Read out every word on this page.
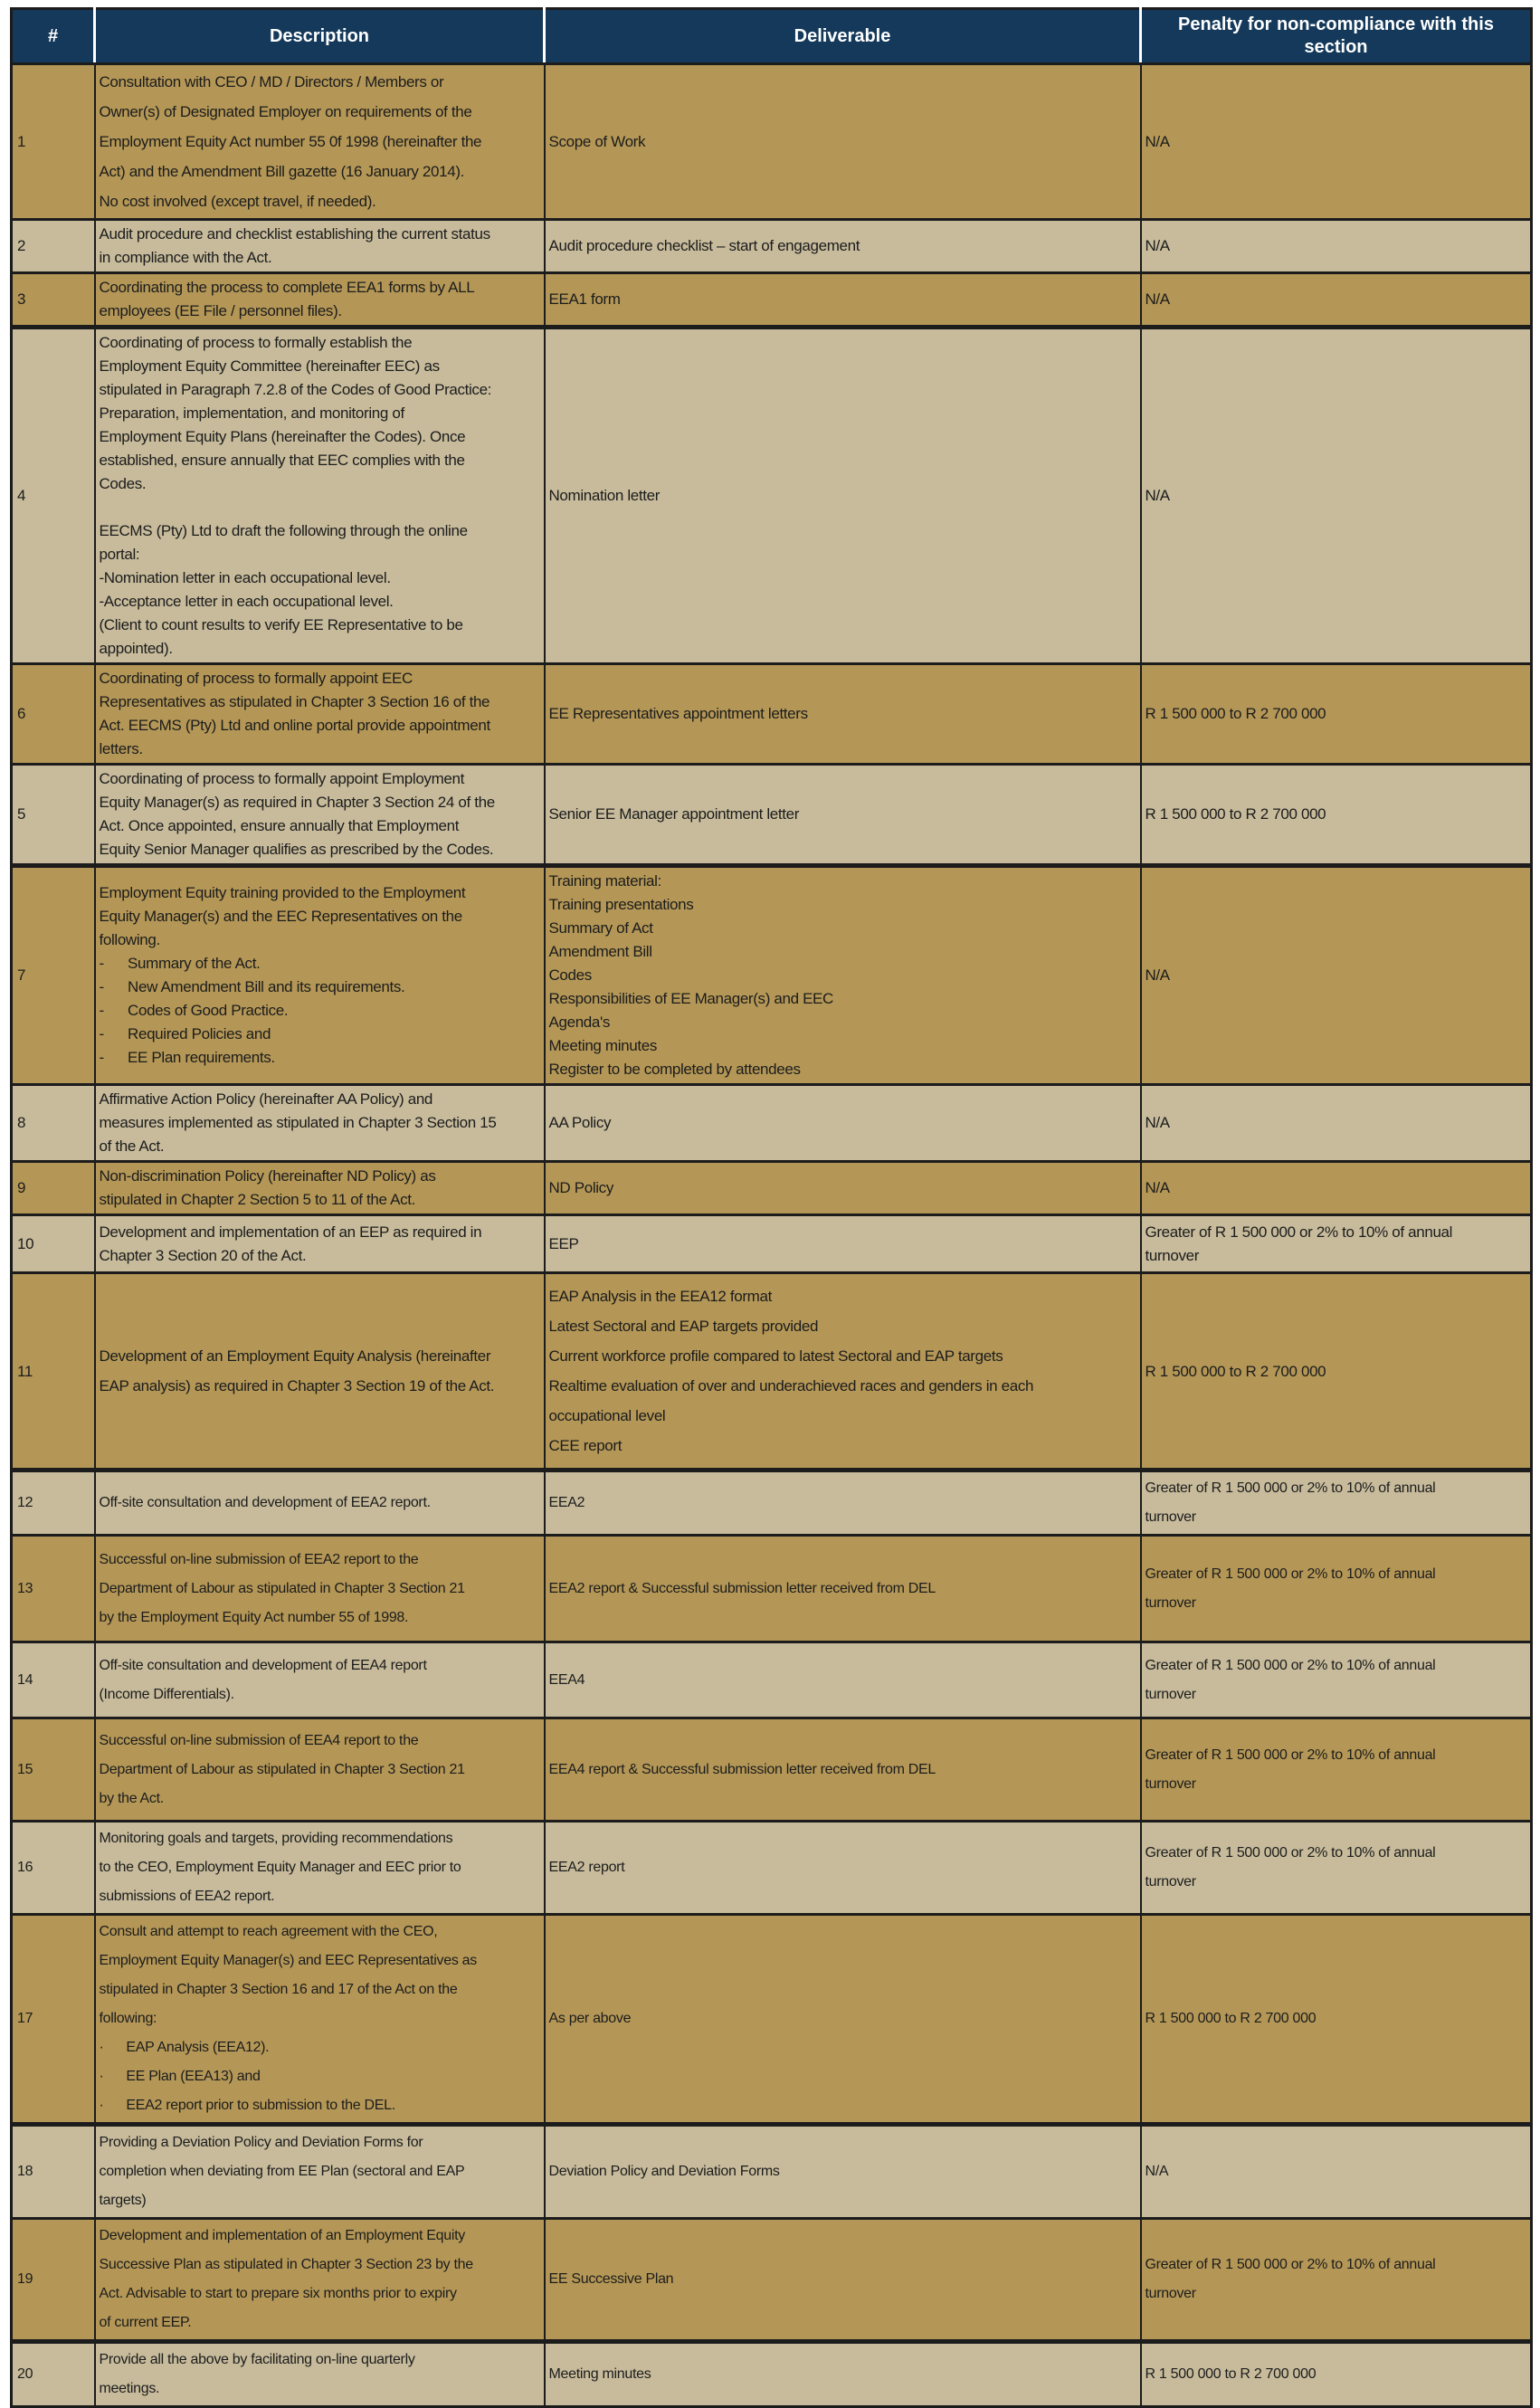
#	Description	Deliverable	Penalty for non-compliance with this section
1	Consultation with CEO / MD / Directors / Members or
Owner(s) of Designated Employer on requirements of the
Employment Equity Act number 55 0f 1998 (hereinafter the
Act) and the Amendment Bill gazette (16 January 2014).
No cost involved (except travel, if needed).	Scope of Work	N/A
2	Audit procedure and checklist establishing the current status
in compliance with the Act.	Audit procedure checklist – start of engagement	N/A
3	Coordinating the process to complete EEA1 forms by ALL
employees (EE File / personnel files).	EEA1 form	N/A
4	Coordinating of process to formally establish the
Employment Equity Committee (hereinafter EEC) as
stipulated in Paragraph 7.2.8 of the Codes of Good Practice:
Preparation, implementation, and monitoring of
Employment Equity Plans (hereinafter the Codes). Once
established, ensure annually that EEC complies with the
Codes.

EECMS (Pty) Ltd to draft the following through the online
portal:
-Nomination letter in each occupational level.
-Acceptance letter in each occupational level.
(Client to count results to verify EE Representative to be
appointed).	Nomination letter	N/A
6	Coordinating of process to formally appoint EEC
Representatives as stipulated in Chapter 3 Section 16 of the
Act. EECMS (Pty) Ltd and online portal provide appointment
letters.	EE Representatives appointment letters	R 1 500 000 to R 2 700 000
5	Coordinating of process to formally appoint Employment
Equity Manager(s) as required in Chapter 3 Section 24 of the
Act. Once appointed, ensure annually that Employment
Equity Senior Manager qualifies as prescribed by the Codes.	Senior EE Manager appointment letter	R 1 500 000 to R 2 700 000
7	Employment Equity training provided to the Employment
Equity Manager(s) and the EEC Representatives on the
following.
-      Summary of the Act.
-      New Amendment Bill and its requirements.
-      Codes of Good Practice.
-      Required Policies and
-      EE Plan requirements.	Training material:
Training presentations
Summary of Act
Amendment Bill
Codes
Responsibilities of EE Manager(s) and EEC
Agenda's
Meeting minutes
Register to be completed by attendees	N/A
8	Affirmative Action Policy (hereinafter AA Policy) and
measures implemented as stipulated in Chapter 3 Section 15
of the Act.	AA Policy	N/A
9	Non-discrimination Policy (hereinafter ND Policy) as
stipulated in Chapter 2 Section 5 to 11 of the Act.	ND Policy	N/A
10	Development and implementation of an EEP as required in
Chapter 3 Section 20 of the Act.	EEP	Greater of R 1 500 000 or 2% to 10% of annual
turnover
11	Development of an Employment Equity Analysis (hereinafter
EAP analysis) as required in Chapter 3 Section 19 of the Act.	EAP Analysis in the EEA12 format
Latest Sectoral and EAP targets provided
Current workforce profile compared to latest Sectoral and EAP targets
Realtime evaluation of over and underachieved races and genders in each
occupational level
CEE report	R 1 500 000 to R 2 700 000
12	Off-site consultation and development of EEA2 report.	EEA2	Greater of R 1 500 000 or 2% to 10% of annual
turnover
13	Successful on-line submission of EEA2 report to the
Department of Labour as stipulated in Chapter 3 Section 21
by the Employment Equity Act number 55 of 1998.	EEA2 report & Successful submission letter received from DEL	Greater of R 1 500 000 or 2% to 10% of annual
turnover
14	Off-site consultation and development of EEA4 report
(Income Differentials).	EEA4	Greater of R 1 500 000 or 2% to 10% of annual
turnover
15	Successful on-line submission of EEA4 report to the
Department of Labour as stipulated in Chapter 3 Section 21
by the Act.	EEA4 report & Successful submission letter received from DEL	Greater of R 1 500 000 or 2% to 10% of annual
turnover
16	Monitoring goals and targets, providing recommendations
to the CEO, Employment Equity Manager and EEC prior to
submissions of EEA2 report.	EEA2 report	Greater of R 1 500 000 or 2% to 10% of annual
turnover
17	Consult and attempt to reach agreement with the CEO,
Employment Equity Manager(s) and EEC Representatives as
stipulated in Chapter 3 Section 16 and 17 of the Act on the
following:
·      EAP Analysis (EEA12).
·      EE Plan (EEA13) and
·      EEA2 report prior to submission to the DEL.	As per above	R 1 500 000 to R 2 700 000
18	Providing a Deviation Policy and Deviation Forms for
completion when deviating from EE Plan (sectoral and EAP
targets)	Deviation Policy and Deviation Forms	N/A
19	Development and implementation of an Employment Equity
Successive Plan as stipulated in Chapter 3 Section 23 by the
Act. Advisable to start to prepare six months prior to expiry
of current EEP.	EE Successive Plan	Greater of R 1 500 000 or 2% to 10% of annual
turnover
20	Provide all the above by facilitating on-line quarterly
meetings.	Meeting minutes	R 1 500 000 to R 2 700 000
